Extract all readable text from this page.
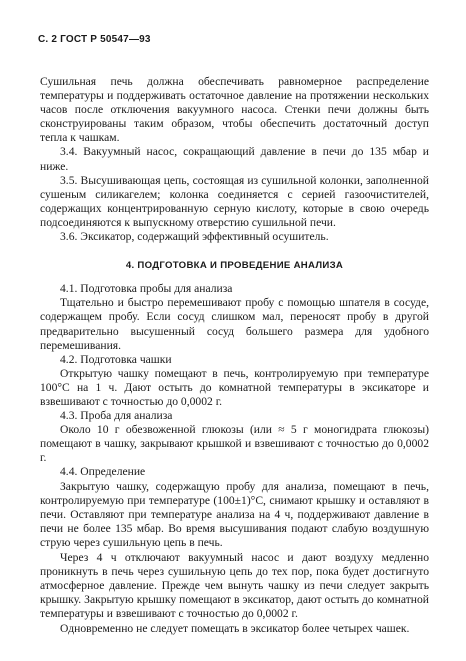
С. 2 ГОСТ Р 50547—93

Сушильная печь должна обеспечивать равномерное распределение температуры и поддерживать остаточное давление на протяжении нескольких часов после отключения вакуумного насоса. Стенки печи должны быть сконструированы таким образом, чтобы обеспечить достаточный доступ тепла к чашкам.

3.4. Вакуумный насос, сокращающий давление в печи до 135 мбар и ниже.

3.5. Высушивающая цепь, состоящая из сушильной колонки, заполненной сушеным силикагелем; колонка соединяется с серией газоочистителей, содержащих концентрированную серную кислоту, которые в свою очередь подсоединяются к выпускному отверстию сушильной печи.

3.6. Эксикатор, содержащий эффективный осушитель.

4. ПОДГОТОВКА И ПРОВЕДЕНИЕ АНАЛИЗА

4.1. Подготовка пробы для анализа

Тщательно и быстро перемешивают пробу с помощью шпателя в сосуде, содержащем пробу. Если сосуд слишком мал, переносят пробу в другой предварительно высушенный сосуд большего размера для удобного перемешивания.

4.2. Подготовка чашки

Открытую чашку помещают в печь, контролируемую при температуре 100°C на 1 ч. Дают остыть до комнатной температуры в эксикаторе и взвешивают с точностью до 0,0002 г.

4.3. Проба для анализа

Около 10 г обезвоженной глюкозы (или ≈ 5 г моногидрата глюкозы) помещают в чашку, закрывают крышкой и взвешивают с точностью до 0,0002 г.

4.4. Определение

Закрытую чашку, содержащую пробу для анализа, помещают в печь, контролируемую при температуре (100±1)°C, снимают крышку и оставляют в печи. Оставляют при температуре анализа на 4 ч, поддерживают давление в печи не более 135 мбар. Во время высушивания подают слабую воздушную струю через сушильную цепь в печь.

Через 4 ч отключают вакуумный насос и дают воздуху медленно проникнуть в печь через сушильную цепь до тех пор, пока будет достигнуто атмосферное давление. Прежде чем вынуть чашку из печи следует закрыть крышку. Закрытую крышку помещают в эксикатор, дают остыть до комнатной температуры и взвешивают с точностью до 0,0002 г.

Одновременно не следует помещать в эксикатор более четырех чашек.
